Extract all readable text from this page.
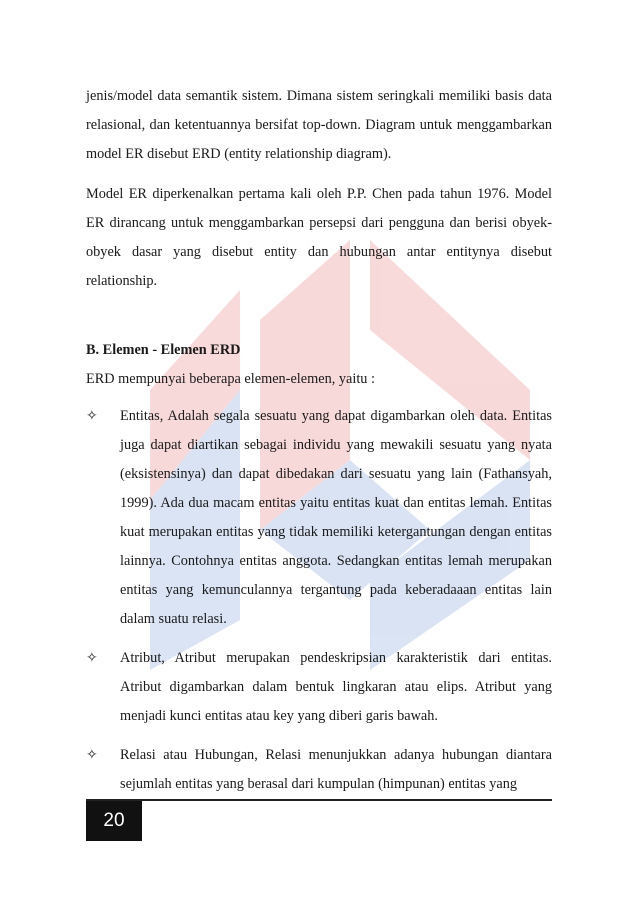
jenis/model data semantik sistem. Dimana sistem seringkali memiliki basis data relasional, dan ketentuannya bersifat top-down. Diagram untuk menggambarkan model ER disebut ERD (entity relationship diagram).

Model ER diperkenalkan pertama kali oleh P.P. Chen pada tahun 1976. Model ER dirancang untuk menggambarkan persepsi dari pengguna dan berisi obyek-obyek dasar yang disebut entity dan hubungan antar entitynya disebut relationship.

B. Elemen - Elemen ERD

ERD mempunyai beberapa elemen-elemen, yaitu :

✧ Entitas, Adalah segala sesuatu yang dapat digambarkan oleh data. Entitas juga dapat diartikan sebagai individu yang mewakili sesuatu yang nyata (eksistensinya) dan dapat dibedakan dari sesuatu yang lain (Fathansyah, 1999). Ada dua macam entitas yaitu entitas kuat dan entitas lemah. Entitas kuat merupakan entitas yang tidak memiliki ketergantungan dengan entitas lainnya. Contohnya entitas anggota. Sedangkan entitas lemah merupakan entitas yang kemunculannya tergantung pada keberadaaan entitas lain dalam suatu relasi.
✧ Atribut, Atribut merupakan pendeskripsian karakteristik dari entitas. Atribut digambarkan dalam bentuk lingkaran atau elips. Atribut yang menjadi kunci entitas atau key yang diberi garis bawah.
✧ Relasi atau Hubungan, Relasi menunjukkan adanya hubungan diantara sejumlah entitas yang berasal dari kumpulan (himpunan) entitas yang
20
